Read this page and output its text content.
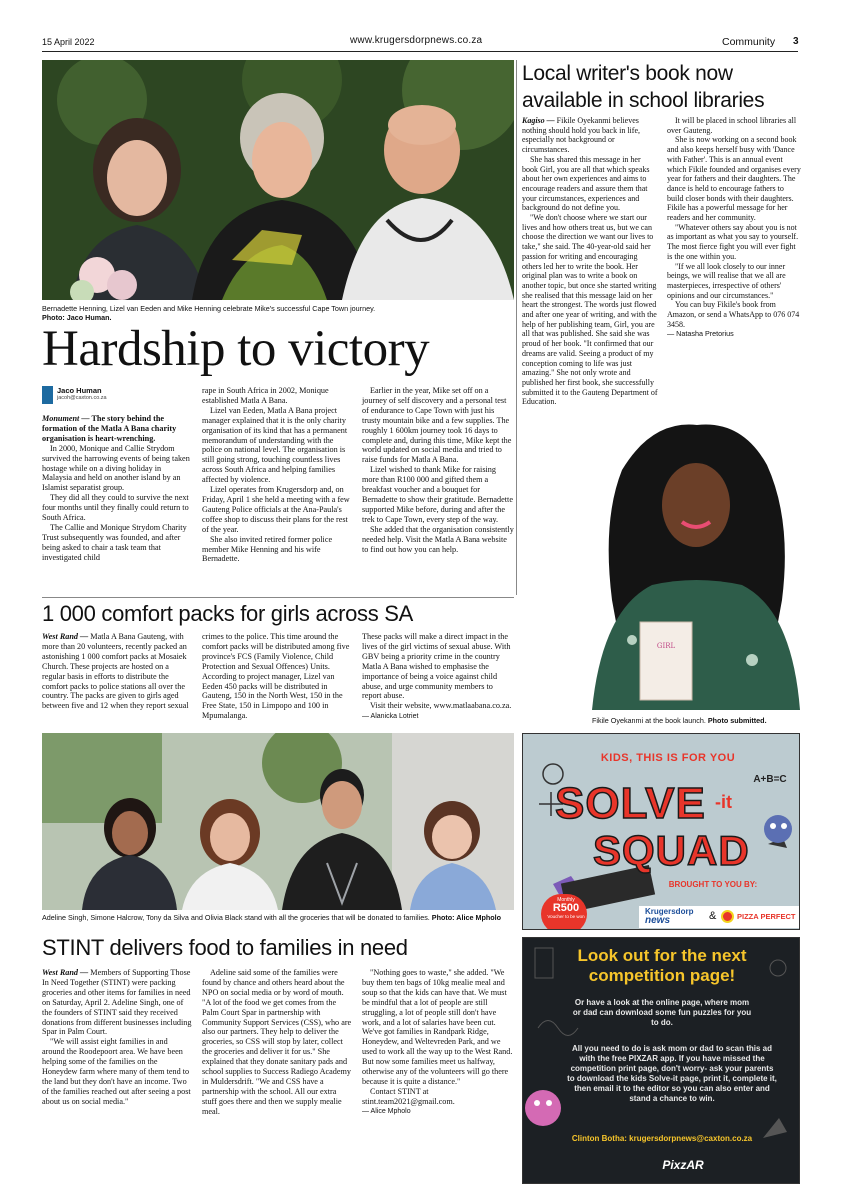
15 April 2022	www.krugersdorpnews.co.za	Community 3
Bernadette Henning, Lizel van Eeden and Mike Henning celebrate Mike's successful Cape Town journey.
Photo: Jaco Human.
Hardship to victory
Jaco Human
jacoh@caxton.co.za

Monument — The story behind the formation of the Matla A Bana charity organisation is heart-wrenching.

In 2000, Monique and Callie Strydom survived the harrowing events of being taken hostage while on a diving holiday in Malaysia and held on another island by an Islamist separatist group.

They did all they could to survive the next four months until they finally could return to South Africa.

The Callie and Monique Strydom Charity Trust subsequently was founded, and after being asked to chair a task team that investigated child

rape in South Africa in 2002, Monique established Matla A Bana.

Lizel van Eeden, Matla A Bana project manager explained that it is the only charity organisation of its kind that has a permanent memorandum of understanding with the police on national level. The organisation is still going strong, touching countless lives across South Africa and helping families affected by violence.

Lizel operates from Krugersdorp and, on Friday, April 1 she held a meeting with a few Gauteng Police officials at the Ana-Paula's coffee shop to discuss their plans for the rest of the year.

She also invited retired former police member Mike Henning and his wife Bernadette.

Earlier in the year, Mike set off on a journey of self discovery and a personal test of endurance to Cape Town with just his trusty mountain bike and a few supplies. The roughly 1 600km journey took 16 days to complete and, during this time, Mike kept the world updated on social media and tried to raise funds for Matla A Bana.

Lizel wished to thank Mike for raising more than R100 000 and gifted them a breakfast voucher and a bouquet for Bernadette to show their gratitude. Bernadette supported Mike before, during and after the trek to Cape Town, every step of the way.

She added that the organisation consistently needed help. Visit the Matla A Bana website to find out how you can help.

Local writer's book now available in school libraries

Kagiso — Fikile Oyekanmi believes nothing should hold you back in life, especially not background or circumstances.

She has shared this message in her book Girl, you are all that which speaks about her own experiences and aims to encourage readers and assure them that your circumstances, experiences and background do not define you.

"We don't choose where we start our lives and how others treat us, but we can choose the direction we want our lives to take," she said. The 40-year-old said her passion for writing and encouraging others led her to write the book. Her original plan was to write a book on another topic, but once she started writing she realised that this message laid on her heart the strongest. The words just flowed and after one year of writing, and with the help of her publishing team, Girl, you are all that was published. She said she was proud of her book. "It confirmed that our dreams are valid. Seeing a product of my conception coming to life was just amazing." She not only wrote and published her first book, she successfully submitted it to the Gauteng Department of Education.

It will be placed in school libraries all over Gauteng.

She is now working on a second book and also keeps herself busy with 'Dance with Father'. This is an annual event which Fikile founded and organises every year for fathers and their daughters. The dance is held to encourage fathers to build closer bonds with their daughters. Fikile has a powerful message for her readers and her community.

"Whatever others say about you is not as important as what you say to yourself. The most fierce fight you will ever fight is the one within you.

"If we all look closely to our inner beings, we will realise that we all are masterpieces, irrespective of others' opinions and our circumstances."

You can buy Fikile's book from Amazon, or send a WhatsApp to 076 074 3458.

— Natasha Pretorius

GIRL
Fikile Oyekanmi at the book launch. Photo submitted.
1 000 comfort packs for girls across SA

West Rand — Matla A Bana Gauteng, with more than 20 volunteers, recently packed an astonishing 1 000 comfort packs at Mosaiek Church. These projects are hosted on a regular basis in efforts to distribute the comfort packs to police stations all over the country. The packs are given to girls aged between five and 12 when they report sexual

crimes to the police. This time around the comfort packs will be distributed among five province's FCS (Family Violence, Child Protection and Sexual Offences) Units. According to project manager, Lizel van Eeden 450 packs will be distributed in Gauteng, 150 in the North West, 150 in the Free State, 150 in Limpopo and 100 in Mpumalanga.

These packs will make a direct impact in the lives of the girl victims of sexual abuse. With GBV being a priority crime in the country Matla A Bana wished to emphasise the importance of being a voice against child abuse, and urge community members to report abuse.

Visit their website, www.matlaabana.co.za. — Alanicka Lotriet

Adeline Singh, Simone Halcrow, Tony da Silva and Olivia Black stand with all the groceries that will be donated to families. Photo: Alice Mpholo
STINT delivers food to families in need

West Rand — Members of Supporting Those In Need Together (STINT) were packing groceries and other items for families in need on Saturday, April 2. Adeline Singh, one of the founders of STINT said they received donations from different businesses including Spar in Palm Court.

"We will assist eight families in and around the Roodepoort area. We have been helping some of the families on the Honeydew farm where many of them tend to the land but they don't have an income. Two of the families reached out after seeing a post about us on social media."

Adeline said some of the families were found by chance and others heard about the NPO on social media or by word of mouth. "A lot of the food we get comes from the Palm Court Spar in partnership with Community Support Services (CSS), who are also our partners. They help to deliver the groceries, so CSS will stop by later, collect the groceries and deliver it for us." She explained that they donate sanitary pads and school supplies to Success Radiego Academy in Muldersdrift. "We and CSS have a partnership with the school. All our extra stuff goes there and then we supply mealie meal.

"Nothing goes to waste," she added. "We buy them ten bags of 10kg mealie meal and soup so that the kids can have that. We must be mindful that a lot of people are still struggling, a lot of people still don't have work, and a lot of salaries have been cut. We've got families in Randpark Ridge, Honeydew, and Weltevreden Park, and we used to work all the way up to the West Rand. But now some families meet us halfway, otherwise any of the volunteers will go there because it is quite a distance."

Contact STINT at stint.team2021@gmail.com.

— Alice Mpholo

KIDS, THIS IS FOR YOU
A+B=C
SOLVE -it
SQUAD
BROUGHT TO YOU BY:
Monthly
R500
Voucher to be won
Krugersdorp
news	&	PIZZA PERFECT
Look out for the next competition page!
Or have a look at the online page, where mom or dad can download some fun puzzles for you to do.
All you need to do is ask mom or dad to scan this ad with the free PIXZAR app. If you have missed the competition print page, don't worry- ask your parents to download the kids Solve-it page, print it, complete it, then email it to the editor so you can also enter and stand a chance to win.
Clinton Botha: krugersdorpnews@caxton.co.za
PixzAR
